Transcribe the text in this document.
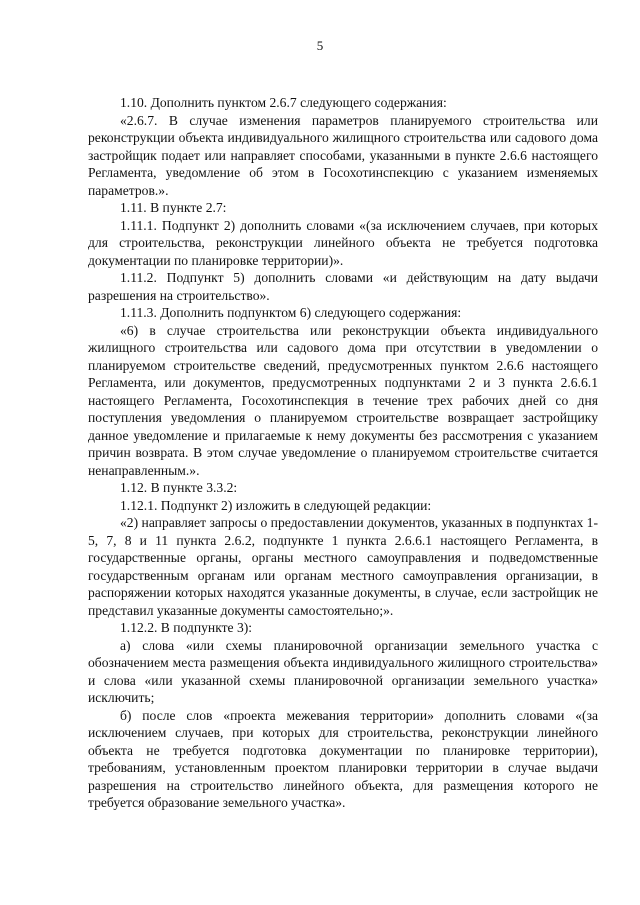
5

1.10. Дополнить пунктом 2.6.7 следующего содержания:

«2.6.7. В случае изменения параметров планируемого строительства или реконструкции объекта индивидуального жилищного строительства или садового дома застройщик подает или направляет способами, указанными в пункте 2.6.6 настоящего Регламента, уведомление об этом в Госохотинспекцию с указанием изменяемых параметров.».

1.11. В пункте 2.7:

1.11.1. Подпункт 2) дополнить словами «(за исключением случаев, при которых для строительства, реконструкции линейного объекта не требуется подготовка документации по планировке территории)».

1.11.2. Подпункт 5) дополнить словами «и действующим на дату выдачи разрешения на строительство».

1.11.3. Дополнить подпунктом 6) следующего содержания:

«6) в случае строительства или реконструкции объекта индивидуального жилищного строительства или садового дома при отсутствии в уведомлении о планируемом строительстве сведений, предусмотренных пунктом 2.6.6 настоящего Регламента, или документов, предусмотренных подпунктами 2 и 3 пункта 2.6.6.1 настоящего Регламента, Госохотинспекция в течение трех рабочих дней со дня поступления уведомления о планируемом строительстве возвращает застройщику данное уведомление и прилагаемые к нему документы без рассмотрения с указанием причин возврата. В этом случае уведомление о планируемом строительстве считается ненаправленным.».

1.12. В пункте 3.3.2:

1.12.1. Подпункт 2) изложить в следующей редакции:

«2) направляет запросы о предоставлении документов, указанных в подпунктах 1-5, 7, 8 и 11 пункта 2.6.2, подпункте 1 пункта 2.6.6.1 настоящего Регламента, в государственные органы, органы местного самоуправления и подведомственные государственным органам или органам местного самоуправления организации, в распоряжении которых находятся указанные документы, в случае, если застройщик не представил указанные документы самостоятельно;».

1.12.2. В подпункте 3):

а) слова «или схемы планировочной организации земельного участка с обозначением места размещения объекта индивидуального жилищного строительства» и слова «или указанной схемы планировочной организации земельного участка» исключить;

б) после слов «проекта межевания территории» дополнить словами «(за исключением случаев, при которых для строительства, реконструкции линейного объекта не требуется подготовка документации по планировке территории), требованиям, установленным проектом планировки территории в случае выдачи разрешения на строительство линейного объекта, для размещения которого не требуется образование земельного участка».
